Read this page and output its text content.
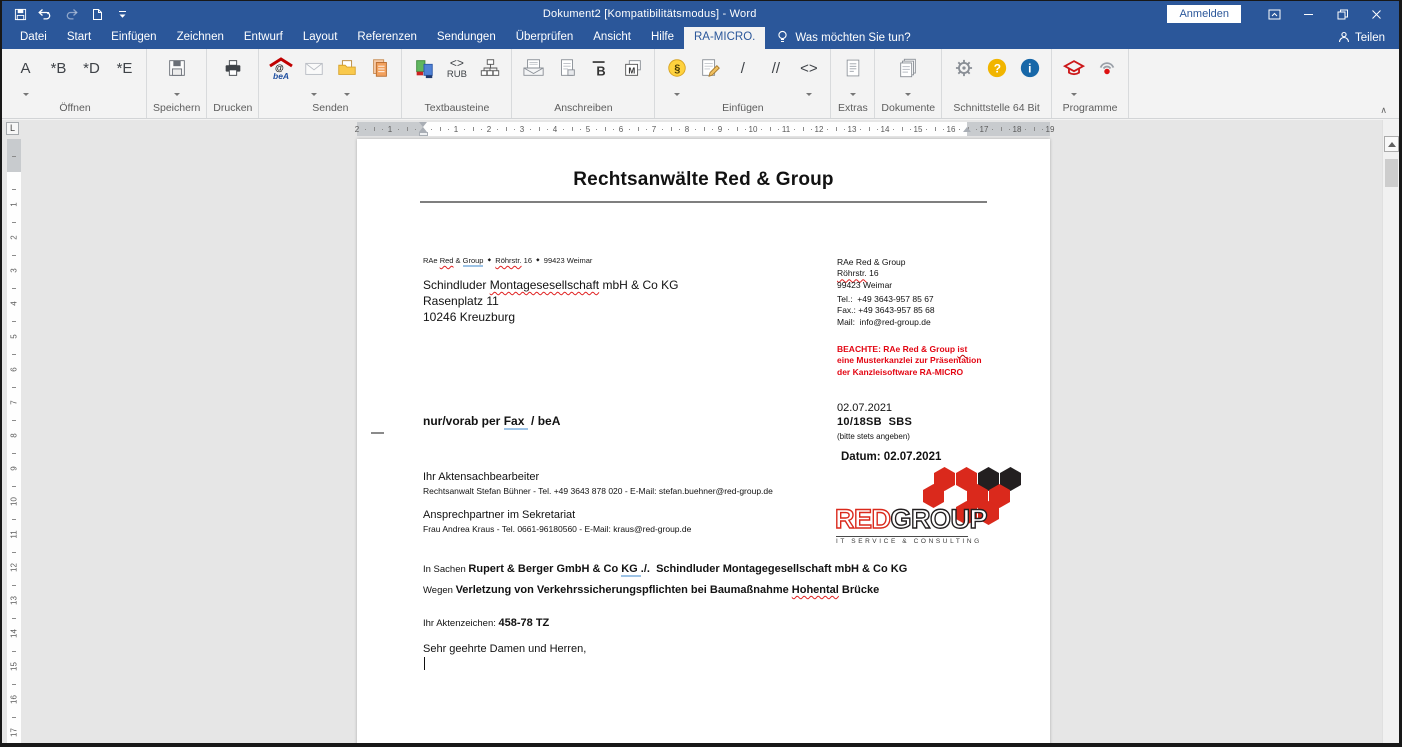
Dokument2 [Kompatibilitätsmodus] - Word	Anmelden
Datei	Start	Einfügen	Zeichnen	Entwurf	Layout	Referenzen	Sendungen	Überprüfen	Ansicht	Hilfe	RA-MICRO.	Was möchten Sie tun?	Teilen
A *B *D *E
Öffnen	Speichern	Drucken
@
beA
Senden
<>
RUB
Textbausteine
B	M
Anschreiben
§	/ // <>
Einfügen	Extras	Dokumente
? i
Schnittstelle 64 Bit	Programme	∧
L	2	1	1	2	3	4	5	6	7	8	9	10	11	12	13	14	15	16	17	18	19
1
2
3
4
5
6
7
8
9
10
11
12
13
14
15
16
17
Rechtsanwälte Red & Group
RAe Red & Group ◆ Röhrstr. 16  ◆  99423 Weimar
Schindluder Montagesesellschaft mbH & Co KG
Rasenplatz 11
10246 Kreuzburg
RAe Red & Group
Röhrstr. 16
99423 Weimar
Tel.:  +49 3643-957 85 67
Fax.: +49 3643-957 85 68
Mail:  info@red-group.de
BEACHTE: RAe Red & Group ist
eine Musterkanzlei zur Präsentation
der Kanzleisoftware RA-MICRO
nur/vorab per Fax  / beA
02.07.2021
10/18SB  SBS
(bitte stets angeben)
Datum: 02.07.2021
Ihr Aktensachbearbeiter
Rechtsanwalt Stefan Bühner - Tel. +49 3643 878 020 - E-Mail: stefan.buehner@red-group.de
Ansprechpartner im Sekretariat
Frau Andrea Kraus - Tel. 0661-96180560 - E-Mail: kraus@red-group.de	REDGROUP
IT SERVICE & CONSULTING
In Sachen Rupert & Berger GmbH & Co KG ./.  Schindluder Montagegesellschaft mbH & Co KG
Wegen Verletzung von Verkehrssicherungspflichten bei Baumaßnahme Hohental Brücke
Ihr Aktenzeichen: 458-78 TZ
Sehr geehrte Damen und Herren,
